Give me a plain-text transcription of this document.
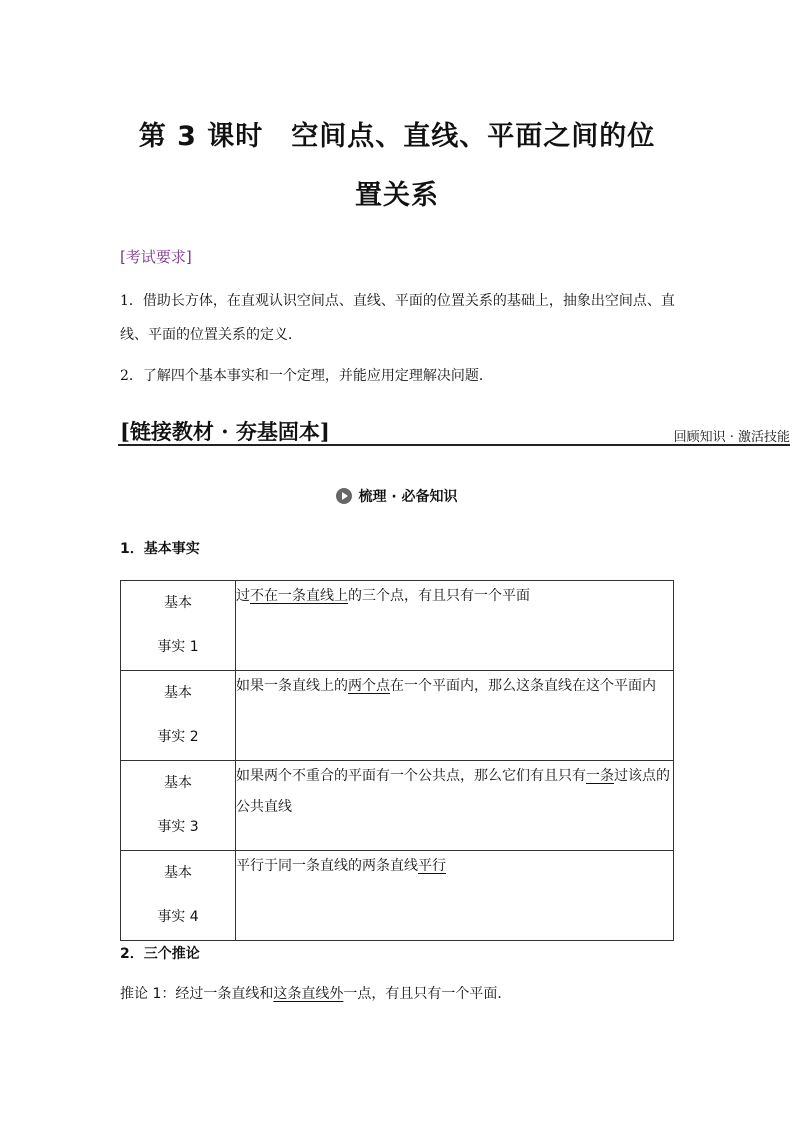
第 3 课时　空间点、直线、平面之间的位
置关系
[考试要求]

1．借助长方体，在直观认识空间点、直线、平面的位置关系的基础上，抽象出空间点、直线、平面的位置关系的定义．

2．了解四个基本事实和一个定理，并能应用定理解决问题．

[链接教材 · 夯基固本]	回顾知识 · 激活技能
梳理 · 必备知识
1．基本事实
基本
事实 1	过不在一条直线上的三个点，有且只有一个平面

基本
事实 2	如果一条直线上的两个点在一个平面内，那么这条直线在这个平面内

基本
事实 3	如果两个不重合的平面有一个公共点，那么它们有且只有一条过该点的公共直线

基本
事实 4	平行于同一条直线的两条直线平行
2．三个推论
推论 1：经过一条直线和这条直线外一点，有且只有一个平面．
